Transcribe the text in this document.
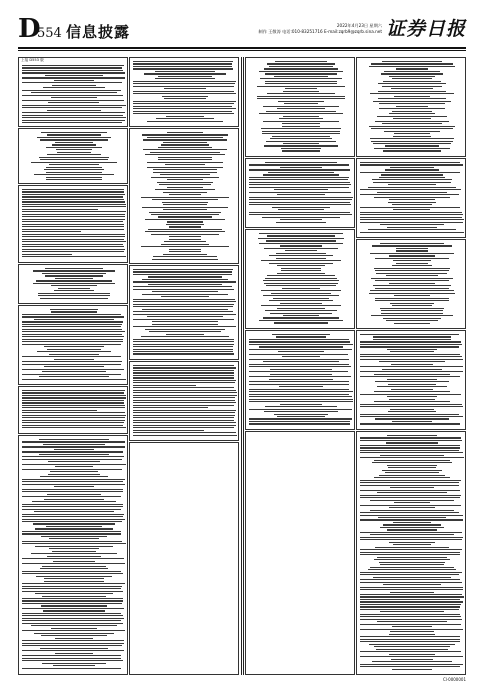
D
554 信息披露	2022年4月23日 星期六
制作 王敬涛 电话:010-83251716 E-mail:zqrb9@zqrb.sina.net 证券日报
上接 D553 版
Cl·0000001
